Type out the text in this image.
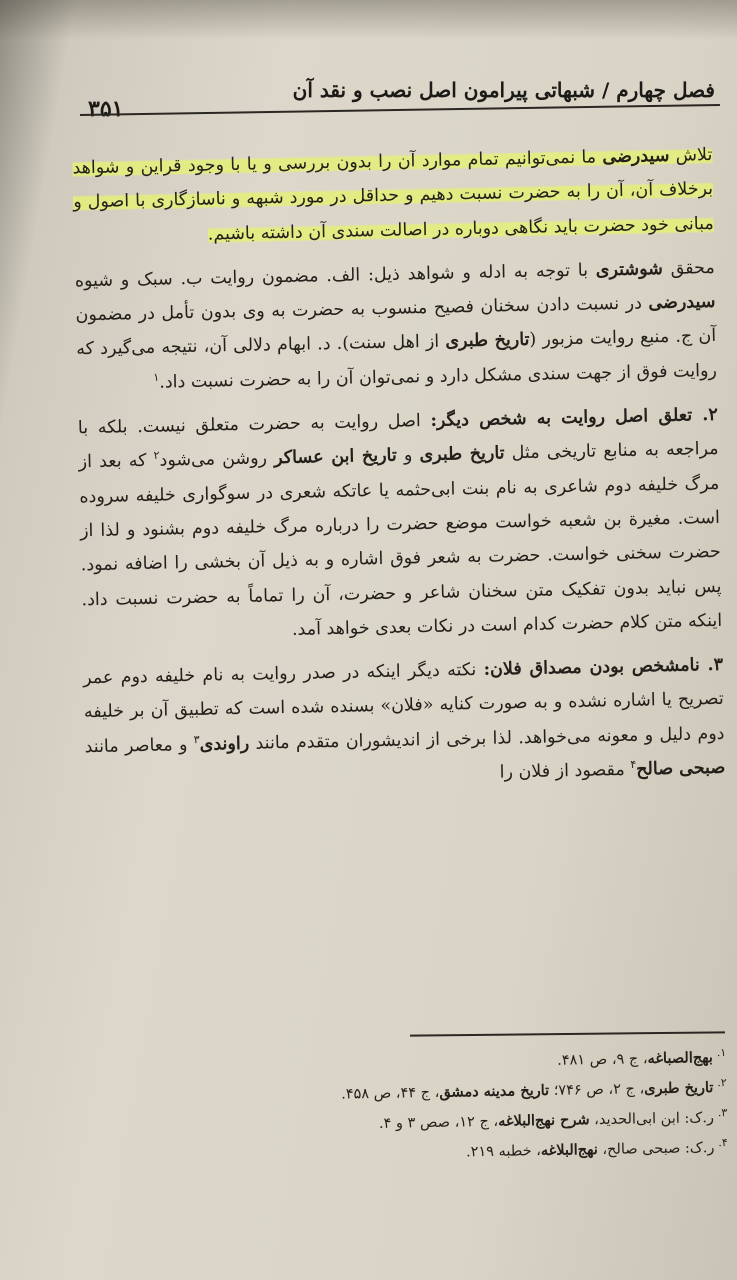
فصل چهارم / شبهاتی پیرامون اصل نصب و نقد آن
۳۵۱

تلاش سیدرضی ما نمی‌توانیم تمام موارد آن را بدون بررسی و یا با وجود قراین و شواهد برخلاف آن، آن را به حضرت نسبت دهیم و حداقل در مورد شبهه و ناسازگاری با اصول و مبانی خود حضرت باید نگاهی دوباره در اصالت سندی آن داشته باشیم.

محقق شوشتری با توجه به ادله و شواهد ذیل: الف. مضمون روایت ب. سبک و شیوه سیدرضی در نسبت دادن سخنان فصیح منسوب به حضرت به وی بدون تأمل در مضمون آن ج. منبع روایت مزبور (تاریخ طبری از اهل سنت). د. ابهام دلالی آن، نتیجه می‌گیرد که روایت فوق از جهت سندی مشکل دارد و نمی‌توان آن را به حضرت نسبت داد.$^۱$

۲. تعلق اصل روایت به شخص دیگر: اصل روایت به حضرت متعلق نیست. بلکه با مراجعه به منابع تاریخی مثل تاریخ طبری و تاریخ ابن عساکر روشن می‌شود$^۲$ که بعد از مرگ خلیفه دوم شاعری به نام بنت ابی‌حثمه یا عاتکه شعری در سوگواری خلیفه سروده است. مغیرة بن شعبه خواست موضع حضرت را درباره مرگ خلیفه دوم بشنود و لذا از حضرت سخنی خواست. حضرت به شعر فوق اشاره و به ذیل آن بخشی را اضافه نمود. پس نباید بدون تفکیک متن سخنان شاعر و حضرت، آن را تماماً به حضرت نسبت داد. اینکه متن کلام حضرت کدام است در نکات بعدی خواهد آمد.

۳. نامشخص بودن مصداق فلان: نکته دیگر اینکه در صدر روایت به نام خلیفه دوم عمر تصریح یا اشاره نشده و به صورت کنایه «فلان» بسنده شده است که تطبیق آن بر خلیفه دوم دلیل و معونه می‌خواهد. لذا برخی از اندیشوران متقدم مانند راوندی$^۳$ و معاصر مانند صبحی صالح$^۴$ مقصود از فلان را

$^{۱.}$بهج‌الصباغه، ج ۹، ص ۴۸۱.
$^{۲.}$تاریخ طبری، ج ۲، ص ۷۴۶؛ تاریخ مدینه دمشق، ج ۴۴، ص ۴۵۸.
$^{۳.}$ر.ک: ابن ابی‌الحدید، شرح نهج‌البلاغه، ج ۱۲، صص ۳ و ۴.
$^{۴.}$ر.ک: صبحی صالح، نهج‌البلاغه، خطبه ۲۱۹.
